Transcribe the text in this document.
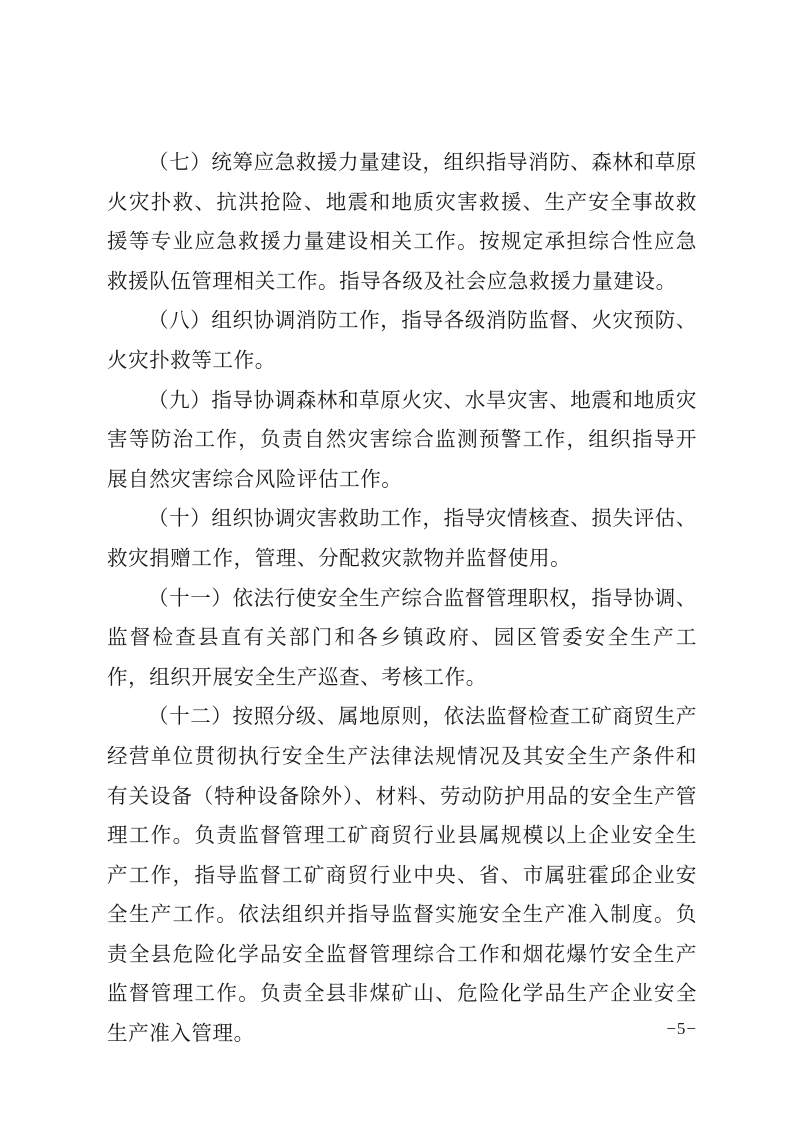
（七）统筹应急救援力量建设，组织指导消防、森林和草原火灾扑救、抗洪抢险、地震和地质灾害救援、生产安全事故救援等专业应急救援力量建设相关工作。按规定承担综合性应急救援队伍管理相关工作。指导各级及社会应急救援力量建设。

（八）组织协调消防工作，指导各级消防监督、火灾预防、火灾扑救等工作。

（九）指导协调森林和草原火灾、水旱灾害、地震和地质灾害等防治工作，负责自然灾害综合监测预警工作，组织指导开展自然灾害综合风险评估工作。

（十）组织协调灾害救助工作，指导灾情核查、损失评估、救灾捐赠工作，管理、分配救灾款物并监督使用。

（十一）依法行使安全生产综合监督管理职权，指导协调、监督检查县直有关部门和各乡镇政府、园区管委安全生产工作，组织开展安全生产巡查、考核工作。

（十二）按照分级、属地原则，依法监督检查工矿商贸生产经营单位贯彻执行安全生产法律法规情况及其安全生产条件和有关设备（特种设备除外）、材料、劳动防护用品的安全生产管理工作。负责监督管理工矿商贸行业县属规模以上企业安全生产工作，指导监督工矿商贸行业中央、省、市属驻霍邱企业安全生产工作。依法组织并指导监督实施安全生产准入制度。负责全县危险化学品安全监督管理综合工作和烟花爆竹安全生产监督管理工作。负责全县非煤矿山、危险化学品生产企业安全生产准入管理。	−5−
